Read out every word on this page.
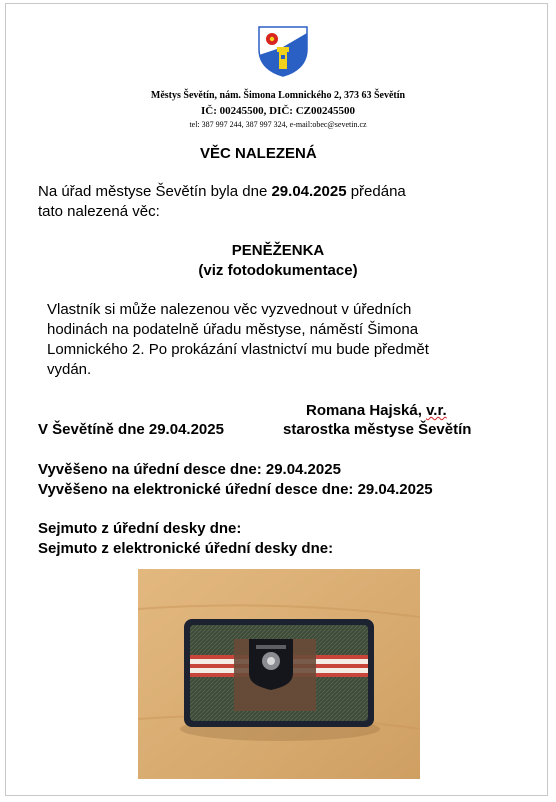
Městys Ševětín, nám. Šimona Lomnického 2, 373 63 Ševětín
IČ: 00245500, DIČ: CZ00245500
tel: 387 997 244, 387 997 324, e-mail:obec@sevetin.cz
VĚC NALEZENÁ
Na úřad městyse Ševětín byla dne 29.04.2025 předána
tato nalezená věc:
PENĚŽENKA
(viz fotodokumentace)
Vlastník si může nalezenou věc vyzvednout v úředních
hodinách na podatelně úřadu městyse, náměstí Šimona
Lomnického 2. Po prokázání vlastnictví mu bude předmět
vydán.
Romana Hajská, v.r.
V Ševětíně dne 29.04.2025	starostka městyse Ševětín
Vyvěšeno na úřední desce dne: 29.04.2025
Vyvěšeno na elektronické úřední desce dne: 29.04.2025
Sejmuto z úřední desky dne:
Sejmuto z elektronické úřední desky dne:
